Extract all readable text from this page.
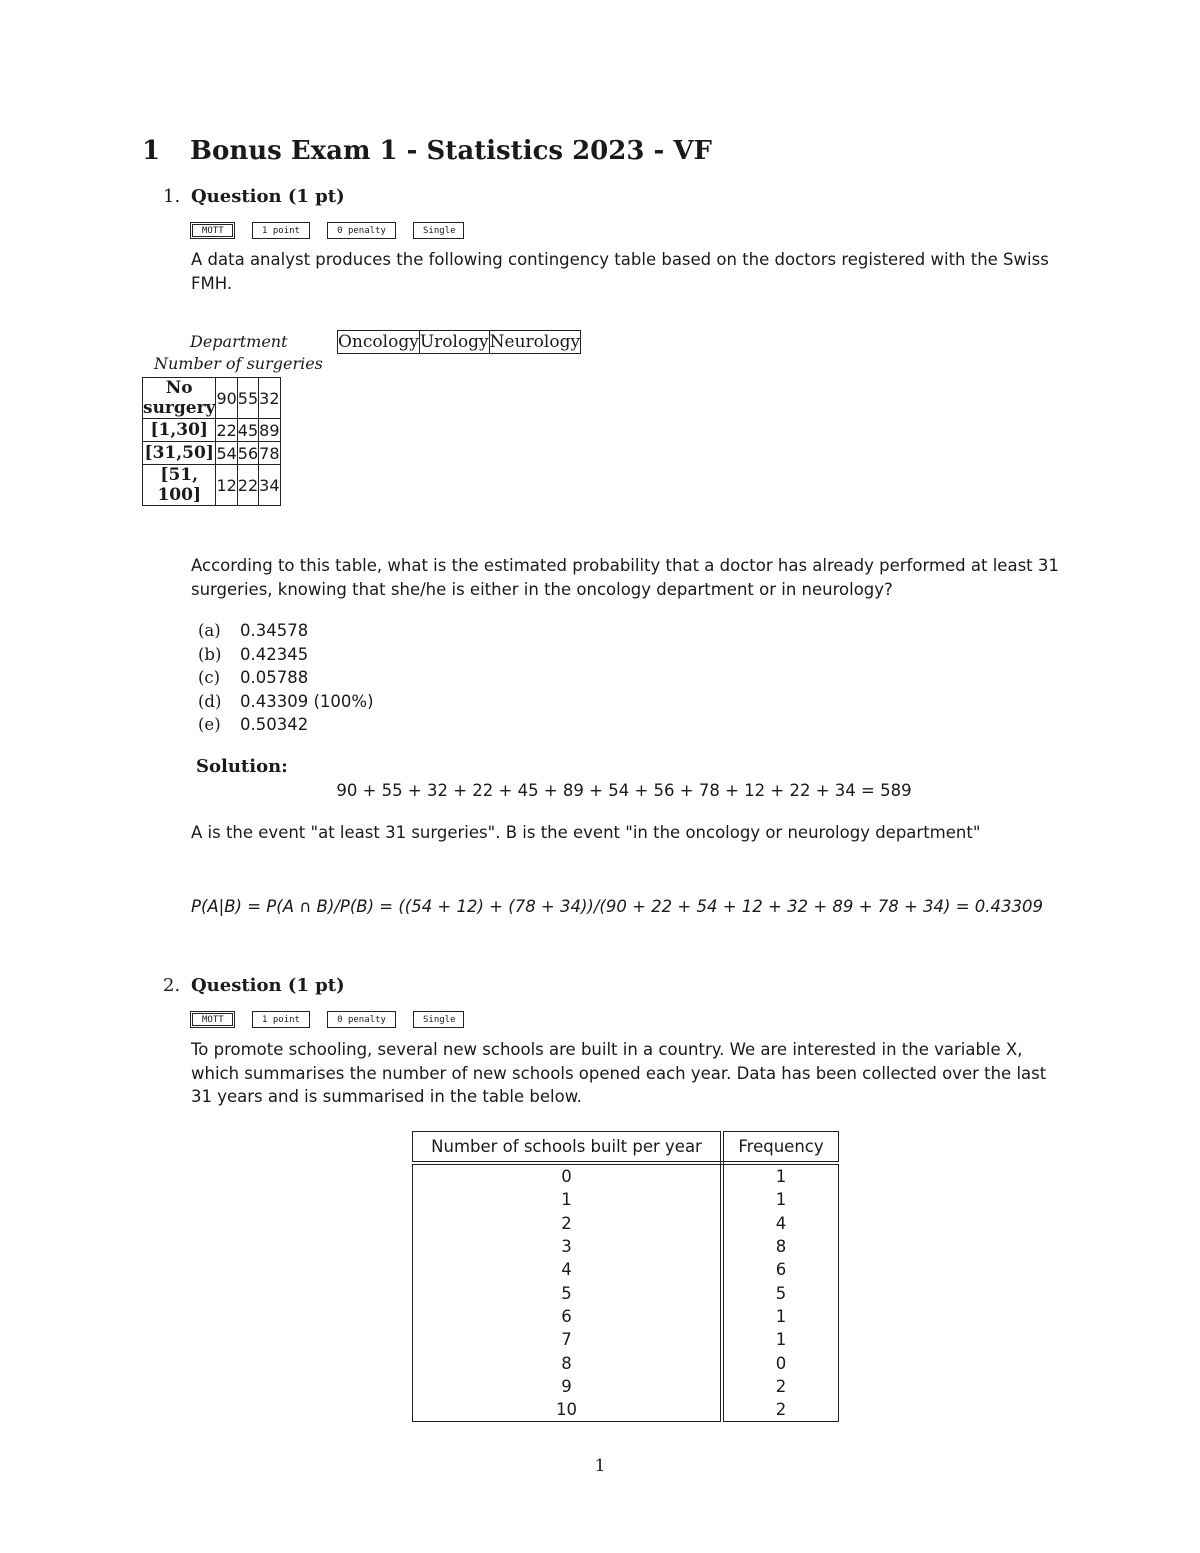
1	Bonus Exam 1 - Statistics 2023 - VF
1. Question (1 pt)
MOTT	1 point	0 penalty	Single
A data analyst produces the following contingency table based on the doctors registered with the Swiss FMH.
Department
Number of surgeries
Oncology	Urology	Neurology
No surgery	90	55	32
[1,30]	22	45	89
[31,50]	54	56	78
[51, 100]	12	22	34
According to this table, what is the estimated probability that a doctor has already performed at least 31 surgeries, knowing that she/he is either in the oncology department or in neurology?
(a) 0.34578
(b) 0.42345
(c) 0.05788
(d) 0.43309 (100%)
(e) 0.50342
Solution:
90 + 55 + 32 + 22 + 45 + 89 + 54 + 56 + 78 + 12 + 22 + 34 = 589
A is the event "at least 31 surgeries". B is the event "in the oncology or neurology department"
P(A|B) = P(A ∩ B)/P(B) = ((54 + 12) + (78 + 34))/(90 + 22 + 54 + 12 + 32 + 89 + 78 + 34) = 0.43309
2. Question (1 pt)
MOTT	1 point	0 penalty	Single
To promote schooling, several new schools are built in a country. We are interested in the variable X, which summarises the number of new schools opened each year. Data has been collected over the last 31 years and is summarised in the table below.
Number of schools built per year	Frequency
0	1
1	1
2	4
3	8
4	6
5	5
6	1
7	1
8	0
9	2
10	2
1
